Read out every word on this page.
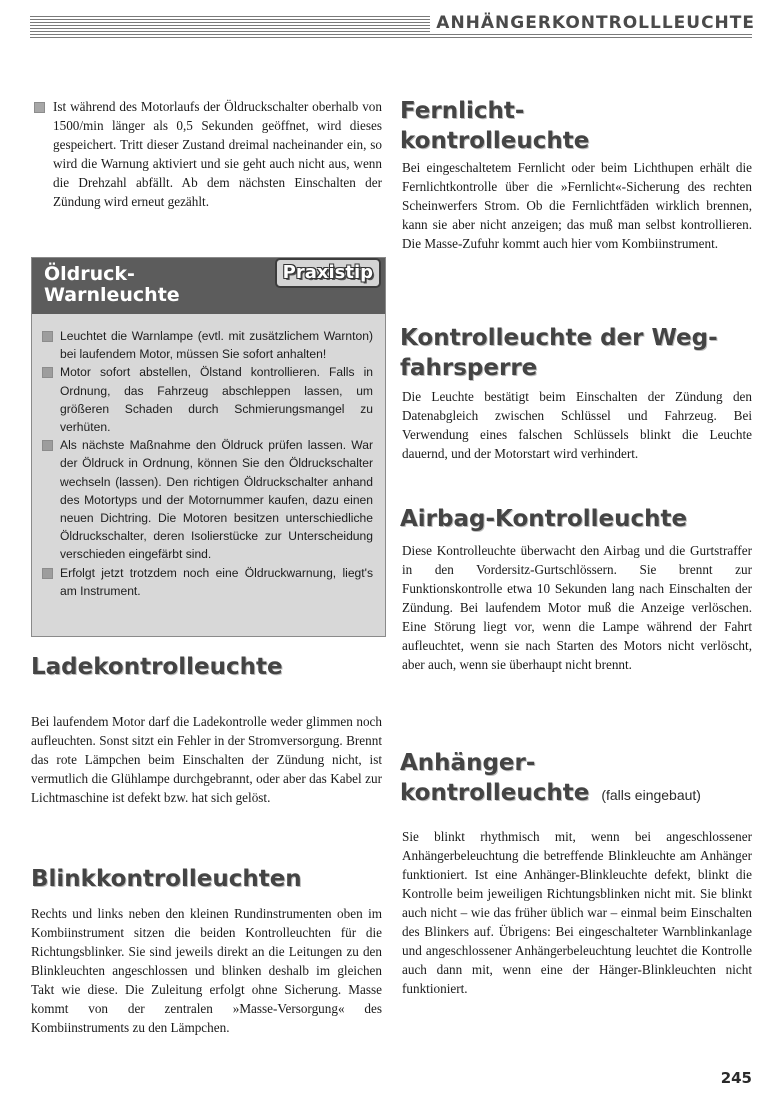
ANHÄNGERKONTROLLLEUCHTE
Ist während des Motorlaufs der Öldruckschalter oberhalb von 1500/min länger als 0,5 Sekunden geöffnet, wird dieses gespeichert. Tritt dieser Zustand dreimal nacheinander ein, so wird die Warnung aktiviert und sie geht auch nicht aus, wenn die Drehzahl abfällt. Ab dem nächsten Einschalten der Zündung wird erneut gezählt.
Öldruck-
Warnleuchte
Praxistip
Leuchtet die Warnlampe (evtl. mit zusätzlichem Warnton) bei laufendem Motor, müssen Sie sofort anhalten!
Motor sofort abstellen, Ölstand kontrollieren. Falls in Ordnung, das Fahrzeug abschleppen lassen, um größeren Schaden durch Schmierungsmangel zu verhüten.
Als nächste Maßnahme den Öldruck prüfen lassen. War der Öldruck in Ordnung, können Sie den Öldruckschalter wechseln (lassen). Den richtigen Öldruckschalter anhand des Motortyps und der Motornummer kaufen, dazu einen neuen Dichtring. Die Motoren besitzen unterschiedliche Öldruckschalter, deren Isolierstücke zur Unterscheidung verschieden eingefärbt sind.
Erfolgt jetzt trotzdem noch eine Öldruckwarnung, liegt's am Instrument.
Ladekontrolleuchte
Bei laufendem Motor darf die Ladekontrolle weder glimmen noch aufleuchten. Sonst sitzt ein Fehler in der Stromversorgung. Brennt das rote Lämpchen beim Einschalten der Zündung nicht, ist vermutlich die Glühlampe durchgebrannt, oder aber das Kabel zur Lichtmaschine ist defekt bzw. hat sich gelöst.
Blinkkontrolleuchten
Rechts und links neben den kleinen Rundinstrumenten oben im Kombiinstrument sitzen die beiden Kontrolleuchten für die Richtungsblinker. Sie sind jeweils direkt an die Leitungen zu den Blinkleuchten angeschlossen und blinken deshalb im gleichen Takt wie diese. Die Zuleitung erfolgt ohne Sicherung. Masse kommt von der zentralen »Masse-Versorgung« des Kombiinstruments zu den Lämpchen.
Fernlicht-
kontrolleuchte
Bei eingeschaltetem Fernlicht oder beim Lichthupen erhält die Fernlichtkontrolle über die »Fernlicht«-Sicherung des rechten Scheinwerfers Strom. Ob die Fernlichtfäden wirklich brennen, kann sie aber nicht anzeigen; das muß man selbst kontrollieren. Die Masse-Zufuhr kommt auch hier vom Kombiinstrument.
Kontrolleuchte der Weg-
fahrsperre
Die Leuchte bestätigt beim Einschalten der Zündung den Datenabgleich zwischen Schlüssel und Fahrzeug. Bei Verwendung eines falschen Schlüssels blinkt die Leuchte dauernd, und der Motorstart wird verhindert.
Airbag-Kontrolleuchte
Diese Kontrolleuchte überwacht den Airbag und die Gurtstraffer in den Vordersitz-Gurtschlössern. Sie brennt zur Funktionskontrolle etwa 10 Sekunden lang nach Einschalten der Zündung. Bei laufendem Motor muß die Anzeige verlöschen. Eine Störung liegt vor, wenn die Lampe während der Fahrt aufleuchtet, wenn sie nach Starten des Motors nicht verlöscht, aber auch, wenn sie überhaupt nicht brennt.
Anhänger-
kontrolleuchte (falls eingebaut)
Sie blinkt rhythmisch mit, wenn bei angeschlossener Anhängerbeleuchtung die betreffende Blinkleuchte am Anhänger funktioniert. Ist eine Anhänger-Blinkleuchte defekt, blinkt die Kontrolle beim jeweiligen Richtungsblinken nicht mit. Sie blinkt auch nicht – wie das früher üblich war – einmal beim Einschalten des Blinkers auf. Übrigens: Bei eingeschalteter Warnblinkanlage und angeschlossener Anhängerbeleuchtung leuchtet die Kontrolle auch dann mit, wenn eine der Hänger-Blinkleuchten nicht funktioniert.
245
